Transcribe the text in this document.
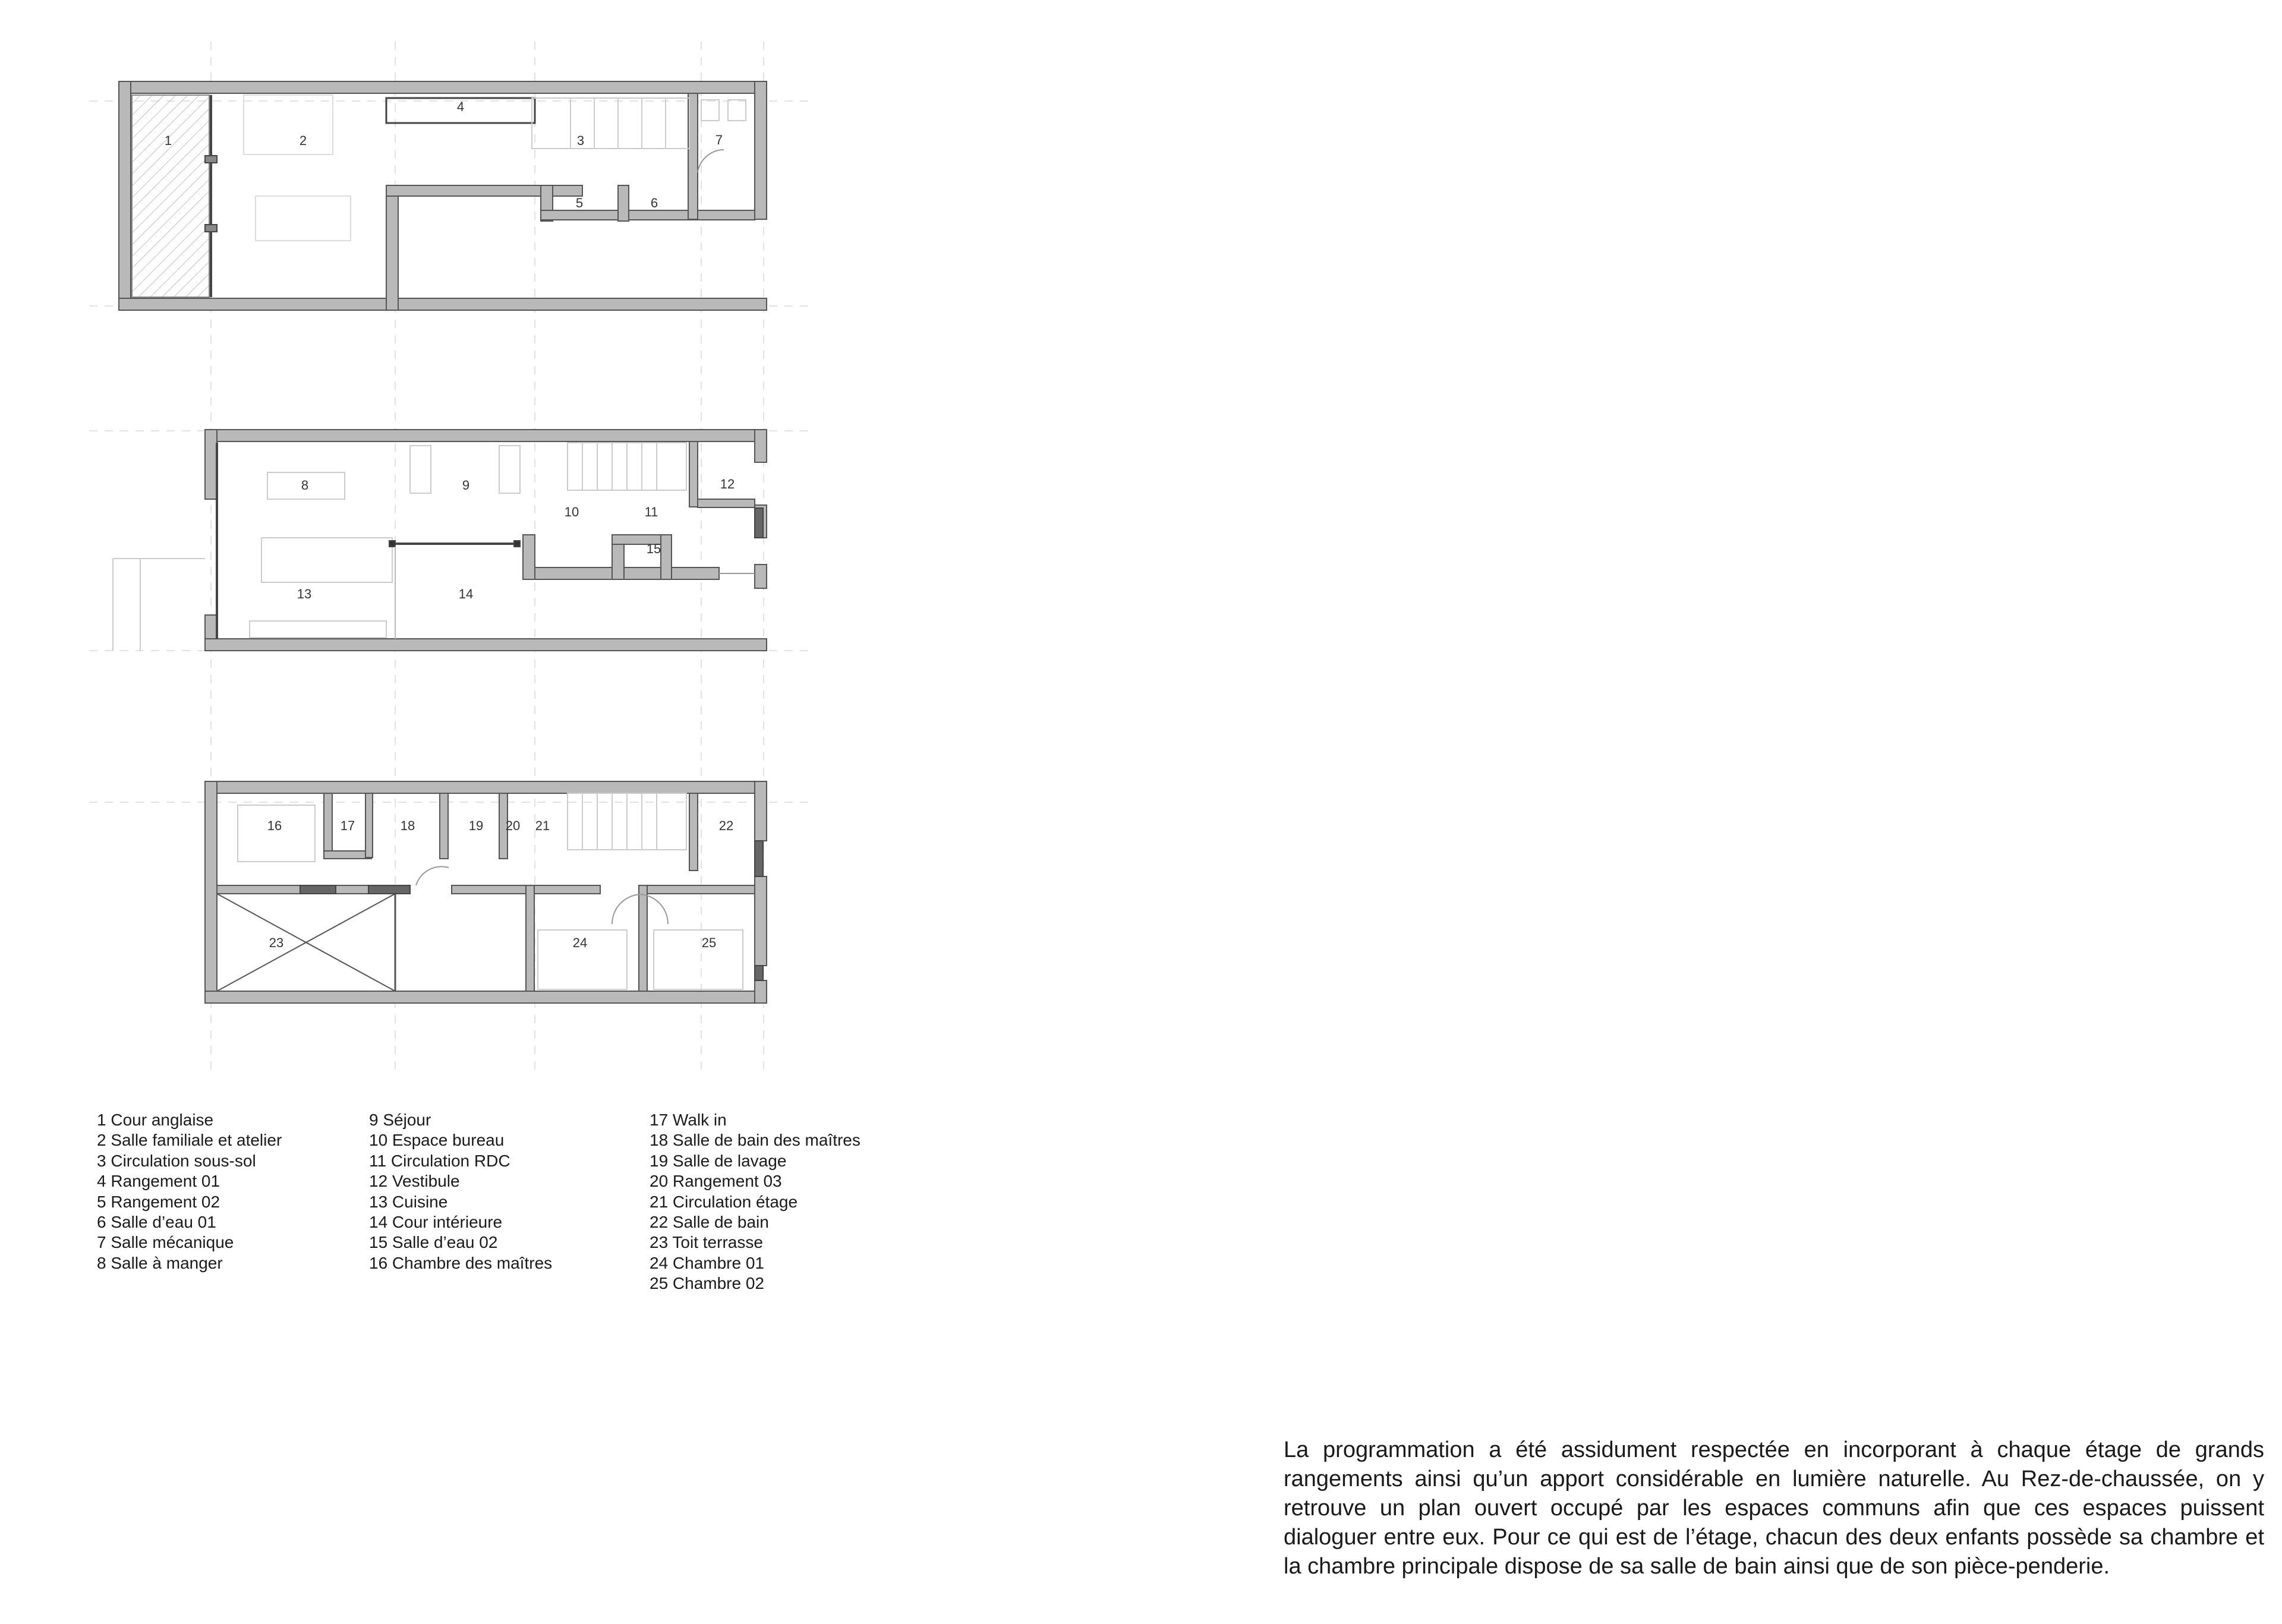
1	2	3
4
5	6
7
8	9
10	11
12
13	14
15
16	17	18	19 20 21	22
23	24	25
1 Cour anglaise
2 Salle familiale et atelier
3 Circulation sous-sol
4 Rangement 01
5 Rangement 02
6 Salle d’eau 01
7 Salle mécanique
8 Salle à manger
9 Séjour
10 Espace bureau
11 Circulation RDC
12 Vestibule
13 Cuisine
14 Cour intérieure
15 Salle d’eau 02
16 Chambre des maîtres
17 Walk in
18 Salle de bain des maîtres
19 Salle de lavage
20 Rangement 03
21 Circulation étage
22 Salle de bain
23 Toit terrasse
24 Chambre 01
25 Chambre 02

La programmation a été assidument respectée en incorporant à chaque étage de grands rangements ainsi qu’un apport considérable en lumière naturelle. Au Rez-de-chaussée, on y retrouve un plan ouvert occupé par les espaces communs afin que ces espaces puissent dialoguer entre eux. Pour ce qui est de l’étage, chacun des deux enfants possède sa chambre et la chambre principale dispose de sa salle de bain ainsi que de son pièce-penderie.
